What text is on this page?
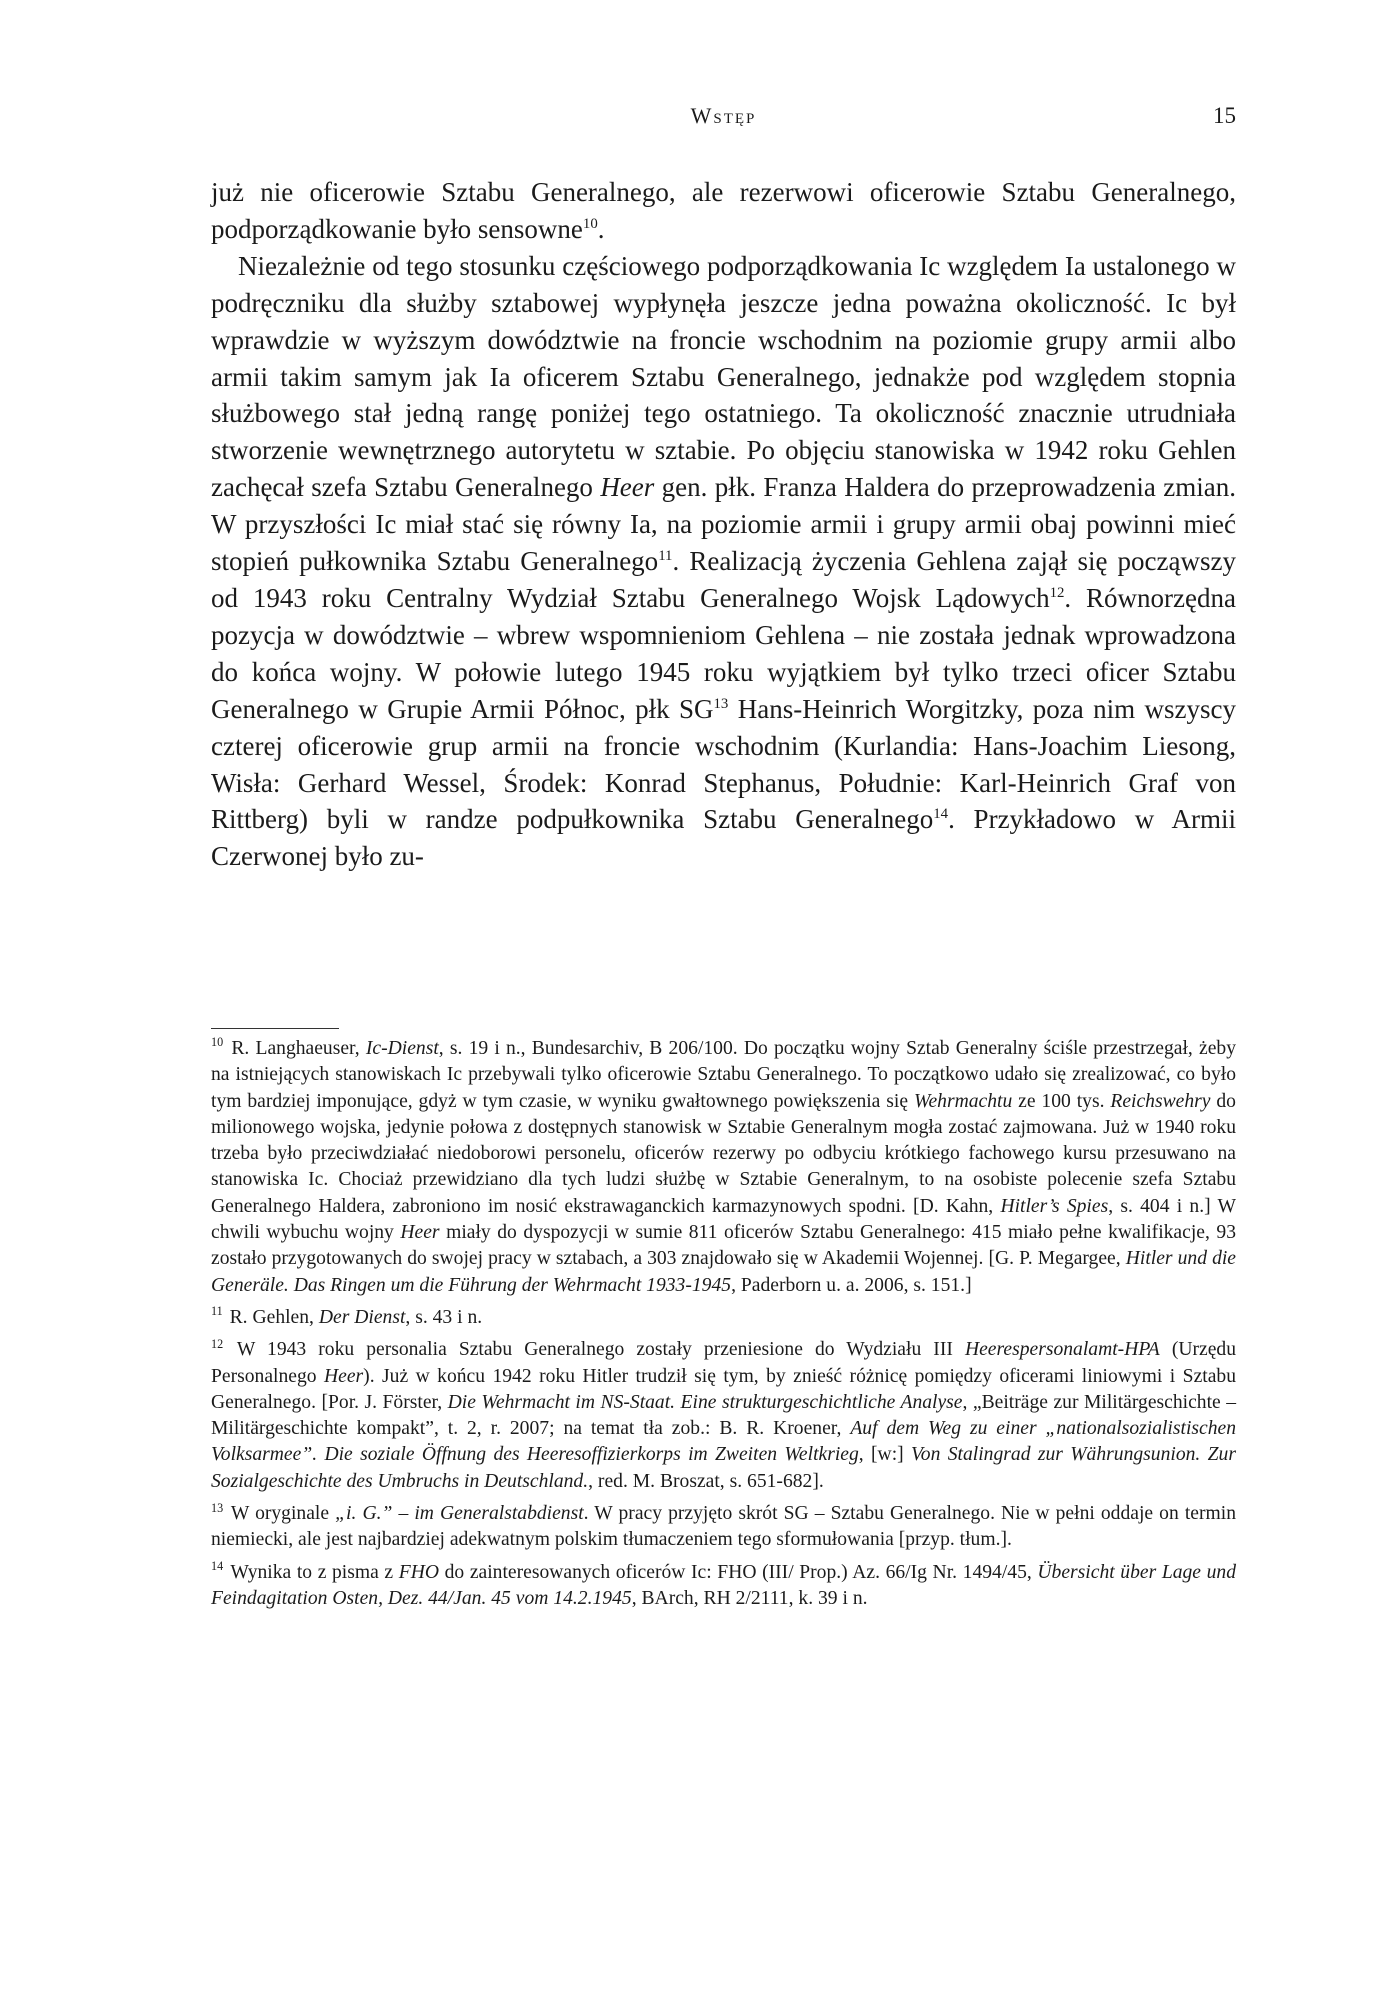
Wstęp	15

już nie oficerowie Sztabu Generalnego, ale rezerwowi oficerowie Sztabu Generalnego, podporządkowanie było sensowne$^{10}$.

Niezależnie od tego stosunku częściowego podporządkowania Ic względem Ia ustalonego w podręczniku dla służby sztabowej wypłynęła jeszcze jedna poważna okoliczność. Ic był wprawdzie w wyższym dowództwie na froncie wschodnim na poziomie grupy armii albo armii takim samym jak Ia oficerem Sztabu Generalnego, jednakże pod względem stopnia służbowego stał jedną rangę poniżej tego ostatniego. Ta okoliczność znacznie utrudniała stworzenie wewnętrznego autorytetu w sztabie. Po objęciu stanowiska w 1942 roku Gehlen zachęcał szefa Sztabu Generalnego Heer gen. płk. Franza Haldera do przeprowadzenia zmian. W przyszłości Ic miał stać się równy Ia, na poziomie armii i grupy armii obaj powinni mieć stopień pułkownika Sztabu Generalnego$^{11}$. Realizacją życzenia Gehlena zajął się począwszy od 1943 roku Centralny Wydział Sztabu Generalnego Wojsk Lądowych$^{12}$. Równorzędna pozycja w dowództwie – wbrew wspomnieniom Gehlena – nie została jednak wprowadzona do końca wojny. W połowie lutego 1945 roku wyjątkiem był tylko trzeci oficer Sztabu Generalnego w Grupie Armii Północ, płk SG$^{13}$ Hans-Heinrich Worgitzky, poza nim wszyscy czterej oficerowie grup armii na froncie wschodnim (Kurlandia: Hans-Joachim Liesong, Wisła: Gerhard Wessel, Środek: Konrad Stephanus, Południe: Karl-Heinrich Graf von Rittberg) byli w randze podpułkownika Sztabu Generalnego$^{14}$. Przykładowo w Armii Czerwonej było zu-

$^{10}$ R. Langhaeuser, Ic-Dienst, s. 19 i n., Bundesarchiv, B 206/100. Do początku wojny Sztab Generalny ściśle przestrzegał, żeby na istniejących stanowiskach Ic przebywali tylko oficerowie Sztabu Generalnego. To początkowo udało się zrealizować, co było tym bardziej imponujące, gdyż w tym czasie, w wyniku gwałtownego powiększenia się Wehrmachtu ze 100 tys. Reichswehry do milionowego wojska, jedynie połowa z dostępnych stanowisk w Sztabie Generalnym mogła zostać zajmowana. Już w 1940 roku trzeba było przeciwdziałać niedoborowi personelu, oficerów rezerwy po odbyciu krótkiego fachowego kursu przesuwano na stanowiska Ic. Chociaż przewidziano dla tych ludzi służbę w Sztabie Generalnym, to na osobiste polecenie szefa Sztabu Generalnego Haldera, zabroniono im nosić ekstrawaganckich karmazynowych spodni. [D. Kahn, Hitler’s Spies, s. 404 i n.] W chwili wybuchu wojny Heer miały do dyspozycji w sumie 811 oficerów Sztabu Generalnego: 415 miało pełne kwalifikacje, 93 zostało przygotowanych do swojej pracy w sztabach, a 303 znajdowało się w Akademii Wojennej. [G. P. Megargee, Hitler und die Generäle. Das Ringen um die Führung der Wehrmacht 1933-1945, Paderborn u. a. 2006, s. 151.]

$^{11}$ R. Gehlen, Der Dienst, s. 43 i n.

$^{12}$ W 1943 roku personalia Sztabu Generalnego zostały przeniesione do Wydziału III Heerespersonalamt-HPA (Urzędu Personalnego Heer). Już w końcu 1942 roku Hitler trudził się tym, by znieść różnicę pomiędzy oficerami liniowymi i Sztabu Generalnego. [Por. J. Förster, Die Wehrmacht im NS-Staat. Eine strukturgeschichtliche Analyse, „Beiträge zur Militärgeschichte – Militärgeschichte kompakt”, t. 2, r. 2007; na temat tła zob.: B. R. Kroener, Auf dem Weg zu einer „nationalsozialistischen Volksarmee”. Die soziale Öffnung des Heeresoffizierkorps im Zweiten Weltkrieg, [w:] Von Stalingrad zur Währungsunion. Zur Sozialgeschichte des Umbruchs in Deutschland., red. M. Broszat, s. 651-682].

$^{13}$ W oryginale „i. G.” – im Generalstabdienst. W pracy przyjęto skrót SG – Sztabu Generalnego. Nie w pełni oddaje on termin niemiecki, ale jest najbardziej adekwatnym polskim tłumaczeniem tego sformułowania [przyp. tłum.].

$^{14}$ Wynika to z pisma z FHO do zainteresowanych oficerów Ic: FHO (III/ Prop.) Az. 66/Ig Nr. 1494/45, Übersicht über Lage und Feindagitation Osten, Dez. 44/Jan. 45 vom 14.2.1945, BArch, RH 2/2111, k. 39 i n.
